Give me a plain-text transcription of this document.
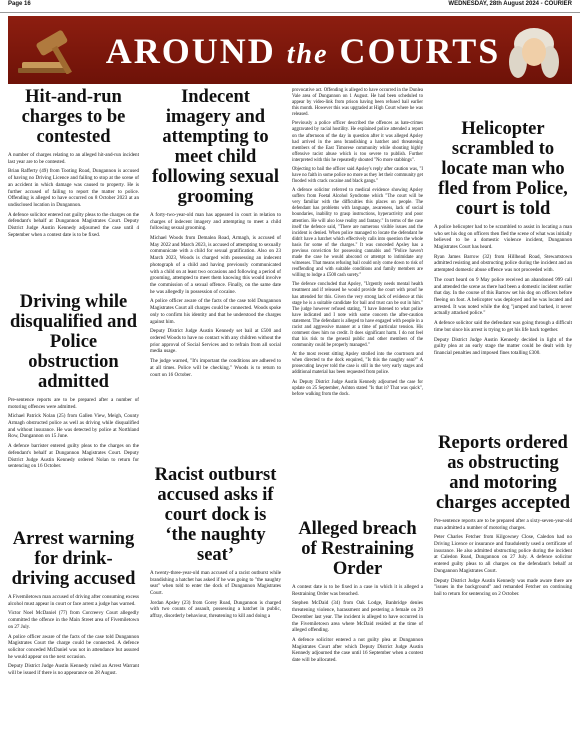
Page 16	WEDNESDAY, 28th August 2024 - COURIER
AROUND the COURTS
Hit-and-run charges to be contested

A number of charges relating to an alleged hit-and-run incident last year are to be contested.

Brian Rafferty (49) from Tooting Road, Dungannon is accused of having no Driving Licence and failing to stop at the scene of an accident in which damage was caused to property. He is further accused of failing to report the matter to police. Offending is alleged to have occurred on 8 October 2023 at an undisclosed location in Dungannon.

A defence solicitor entered not guilty pleas to the charges on the defendant's behalf at Dungannon Magistrates Court. Deputy District Judge Austin Kennedy adjourned the case until 4 September when a contest date is to be fixed.

Driving while disqualified and Police obstruction admitted

Pre-sentence reports are to be prepared after a number of motoring offences were admitted.

Michael Patrick Nolan (25) from Gallen View, Meigh, County Armagh obstructed police as well as driving while disqualified and without insurance. He was detected by police at Northland Row, Dungannon on 15 June.

A defence barrister entered guilty pleas to the charges on the defendant's behalf at Dungannon Magistrates Court. Deputy District Judge Austin Kennedy ordered Nolan to return for sentencing on 16 October.

Arrest warning for drink-driving accused

A Fivemiletown man accused of driving after consuming excess alcohol must appear in court or face arrest a judge has warned.

Victor Noel McDaniel (77) from Corcreevy Court allegedly committed the offence in the Main Street area of Fivemiletown on 27 July.

A police officer aware of the facts of the case told Dungannon Magistrates Court the charge could be connected. A defence solicitor conceded McDaniel was not in attendance but assured he would appear on the next occasion.

Deputy District Judge Austin Kennedy ruled an Arrest Warrant will be issued if there is no appearance on 28 August.

Indecent imagery and attempting to meet child following sexual grooming

A forty-two-year-old man has appeared in court in relation to charges of indecent imagery and attempting to meet a child following sexual grooming.

Michael Woods from Demalea Road, Armagh, is accused of May 2022 and March 2023, is accused of attempting to sexually communicate with a child for sexual gratification. Also on 23 March 2023, Woods is charged with possessing an indecent photograph of a child and having previously communicated with a child on at least two occasions and following a period of grooming, attempted to meet them knowing this would involve the commission of a sexual offence. Finally, on the same date he was allegedly in possession of cocaine.

A police officer aware of the facts of the case told Dungannon Magistrates Court all charges could be connected. Woods spoke only to confirm his identity and that he understood the charges against him.

Deputy District Judge Austin Kennedy set bail at £500 and ordered Woods to have no contact with any children without the prior approval of Social Services and to refrain from all social media usage.

The judge warned, "It's important the conditions are adhered to at all times. Police will be checking." Woods is to return to court on 16 October.

Racist outburst accused asks if court dock is ‘the naughty seat’

A twenty-three-year-old man accused of a racist outburst while brandishing a hatchet has asked if he was going to "the naughty seat" when told to enter the dock of Dungannon Magistrates Court.

Jordan Apsley (23) from Gorey Road, Dungannon is charged with two counts of assault, possessing a hatchet in public, affray, disorderly behaviour, threatening to kill and doing a

provocative act. Offending is alleged to have occurred in the Dunlea Vale area of Dungannon on 1 August. He had been scheduled to appear by video-link from prison having been refused bail earlier this month. However this was upgraded at High Court where he was released.

Previously a police officer described the offences as hate-crimes aggravated by racial hostility. He explained police attended a report on the afternoon of the day in question after it was alleged Apsley had arrived in the area brandishing a hatchet and threatening members of the East Timorese community while shouting highly offensive racist abuse which is too severe to publish. Further interpreted with this he repeatedly shouted "No more stabbings".

Objecting to bail the officer said Apsley's reply after caution was, "I have no faith in some police no more as they let their community get flooded with crack cocaine and black gangs."

A defence solicitor referred to medical evidence showing Apsley suffers from Foetal Alcohol Syndrome which "The court will be very familiar with the difficulties this places on people. The defendant has problems with language, awareness, lack of social boundaries, inability to grasp instructions, hyperactivity and poor attention. He will also lose reality and fantasy." In terms of the case itself the defence said, "There are numerous visible issues and the incident is denied. When police managed to locate the defendant he didn't have a hatchet which effectively calls into question the whole basis for some of the charges." It was conceded Apsley has a previous conviction for possessing cannabis and "Police haven't made the case he would abscond or attempt to intimidate any witnesses. That means refusing bail could only come down to risk of reoffending and with suitable conditions and family members are willing to lodge a £500 cash surety."

The defence concluded that Apsley, "Urgently needs mental health treatment and if released he would provide the court with proof he has attended for this. Given the very strong lack of evidence at this stage he is a suitable candidate for bail and trust can be out in him." The judge however refused stating, "I have listened to what police have indicated and I note with some concern the after-caution statement. The defendant is alleged to have engaged with people in a racist and aggressive manner at a time of particular tension. His comment does him no credit. It does significant harm. I do not feel that his risk to the general public and other members of the community could be properly managed."

At the most recent sitting Apsley strolled into the courtroom and when directed to the dock enquired, "Is this the naughty seat?" A prosecuting lawyer told the case is still in the very early stages and additional material has been requested from police.

As Deputy District Judge Austin Kennedy adjourned the case for update on 25 September, Ashton stated "Is that it? That was quick", before walking from the dock.

Alleged breach of Restraining Order

A contest date is to be fixed in a case in which it is alleged a Restraining Order was breached.

Stephen McDaid (34) from Oak Lodge, Banbridge denies threatening violence, harassment and pestering a female on 29 December last year. The incident is alleged to have occurred in the Fivemiletown area where McDaid resided at the time of alleged offending.

A defence solicitor entered a not guilty plea at Dungannon Magistrates Court after which Deputy District Judge Austin Kennedy adjourned the case until 16 September when a contest date will be allocated.

Helicopter scrambled to locate man who fled from Police, court is told

A police helicopter had to be scrambled to assist in locating a man who set his dog on officers then fled the scene of what was initially believed to be a domestic violence incident, Dungannon Magistrates Court has heard.

Ryan James Barrow (32) from Hillhead Road, Stewartstown admitted resisting and obstructing police during the incident and an attempted domestic abuse offence was not proceeded with.

The court heard on 9 May police received an abandoned 999 call and attended the scene as there had been a domestic incident earlier that day. In the course of this Barrow set his dog on officers before fleeing on foot. A helicopter was deployed and he was located and arrested. It was noted while the dog "jumped and barked, it never actually attacked police."

A defence solicitor said the defendant was going through a difficult time but since his arrest is trying to get his life back together.

Deputy District Judge Austin Kennedy decided in light of the guilty plea at an early stage the matter could be dealt with by financial penalties and imposed fines totalling £300.

Reports ordered as obstructing and motoring charges accepted

Pre-sentence reports are to be prepared after a sixty-seven-year-old man admitted a number of motoring charges.

Peter Charles Fetcher from Kilgowney Close, Caledon had no Driving Licence or insurance and fraudulently used a certificate of insurance. He also admitted obstructing police during the incident at Caledon Road, Dungannon on 27 July. A defence solicitor entered guilty pleas to all charges on the defendant's behalf at Dungannon Magistrates Court.

Deputy District Judge Austin Kennedy was made aware there are "issues in the background" and remanded Fetcher on continuing bail to return for sentencing on 2 October.
